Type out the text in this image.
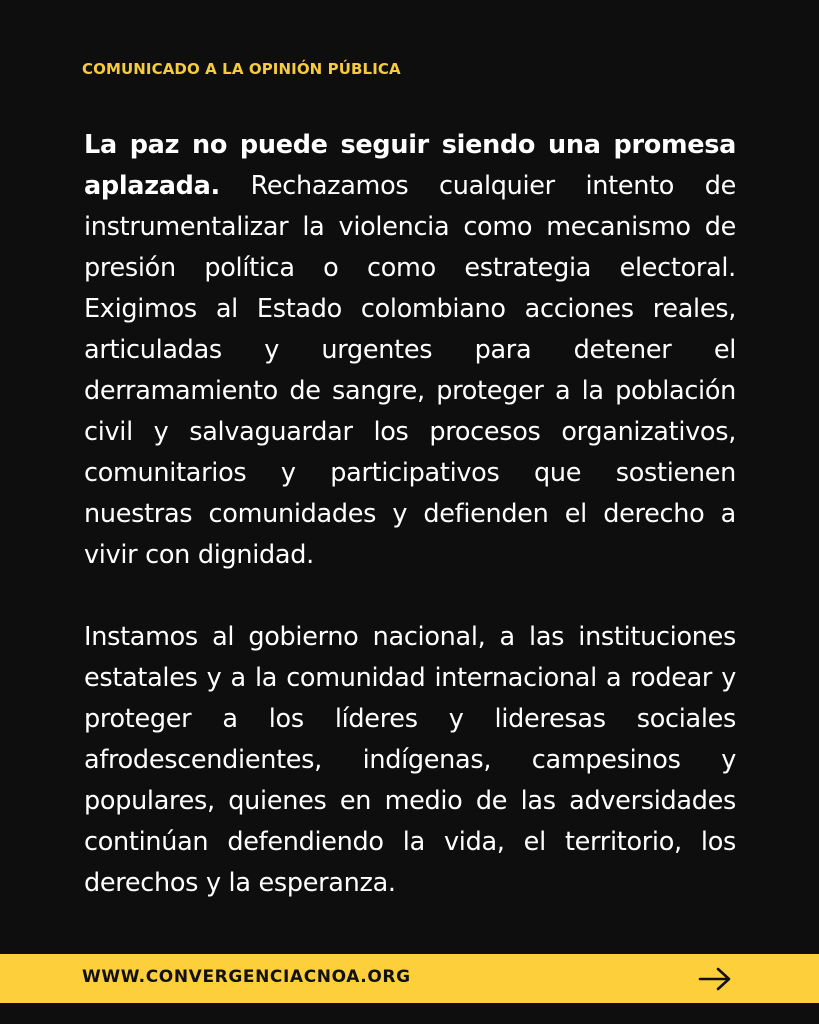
COMUNICADO A LA OPINIÓN PÚBLICA

La paz no puede seguir siendo una promesa aplazada. Rechazamos cualquier intento de instrumentalizar la violencia como mecanismo de presión política o como estrategia electoral. Exigimos al Estado colombiano acciones reales, articuladas y urgentes para detener el derramamiento de sangre, proteger a la población civil y salvaguardar los procesos organizativos, comunitarios y participativos que sostienen nuestras comunidades y defienden el derecho a vivir con dignidad.

Instamos al gobierno nacional, a las instituciones estatales y a la comunidad internacional a rodear y proteger a los líderes y lideresas sociales afrodescendientes, indígenas, campesinos y populares, quienes en medio de las adversidades continúan defendiendo la vida, el territorio, los derechos y la esperanza.

WWW.CONVERGENCIACNOA.ORG
